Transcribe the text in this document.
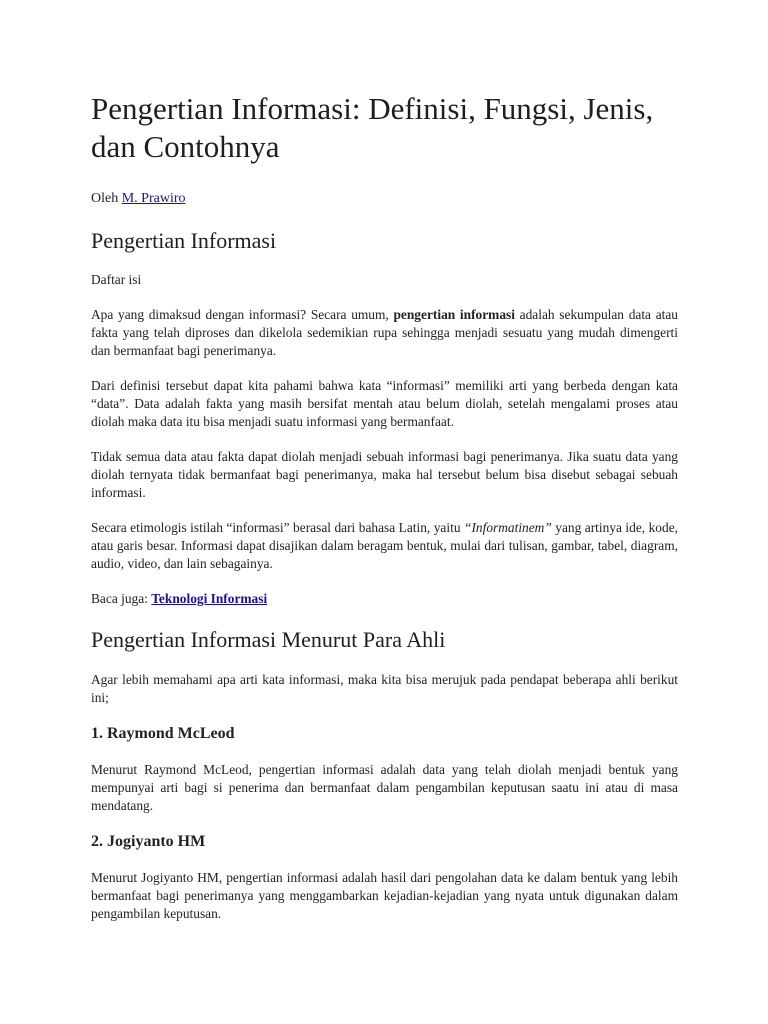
Pengertian Informasi: Definisi, Fungsi, Jenis, dan Contohnya
Oleh M. Prawiro
Pengertian Informasi

Daftar isi

Apa yang dimaksud dengan informasi? Secara umum, pengertian informasi adalah sekumpulan data atau fakta yang telah diproses dan dikelola sedemikian rupa sehingga menjadi sesuatu yang mudah dimengerti dan bermanfaat bagi penerimanya.

Dari definisi tersebut dapat kita pahami bahwa kata “informasi” memiliki arti yang berbeda dengan kata “data”. Data adalah fakta yang masih bersifat mentah atau belum diolah, setelah mengalami proses atau diolah maka data itu bisa menjadi suatu informasi yang bermanfaat.

Tidak semua data atau fakta dapat diolah menjadi sebuah informasi bagi penerimanya. Jika suatu data yang diolah ternyata tidak bermanfaat bagi penerimanya, maka hal tersebut belum bisa disebut sebagai sebuah informasi.

Secara etimologis istilah “informasi” berasal dari bahasa Latin, yaitu “Informatinem” yang artinya ide, kode, atau garis besar. Informasi dapat disajikan dalam beragam bentuk, mulai dari tulisan, gambar, tabel, diagram, audio, video, dan lain sebagainya.

Baca juga: Teknologi Informasi

Pengertian Informasi Menurut Para Ahli

Agar lebih memahami apa arti kata informasi, maka kita bisa merujuk pada pendapat beberapa ahli berikut ini;

1. Raymond McLeod

Menurut Raymond McLeod, pengertian informasi adalah data yang telah diolah menjadi bentuk yang mempunyai arti bagi si penerima dan bermanfaat dalam pengambilan keputusan saatu ini atau di masa mendatang.

2. Jogiyanto HM

Menurut Jogiyanto HM, pengertian informasi adalah hasil dari pengolahan data ke dalam bentuk yang lebih bermanfaat bagi penerimanya yang menggambarkan kejadian-kejadian yang nyata untuk digunakan dalam pengambilan keputusan.
